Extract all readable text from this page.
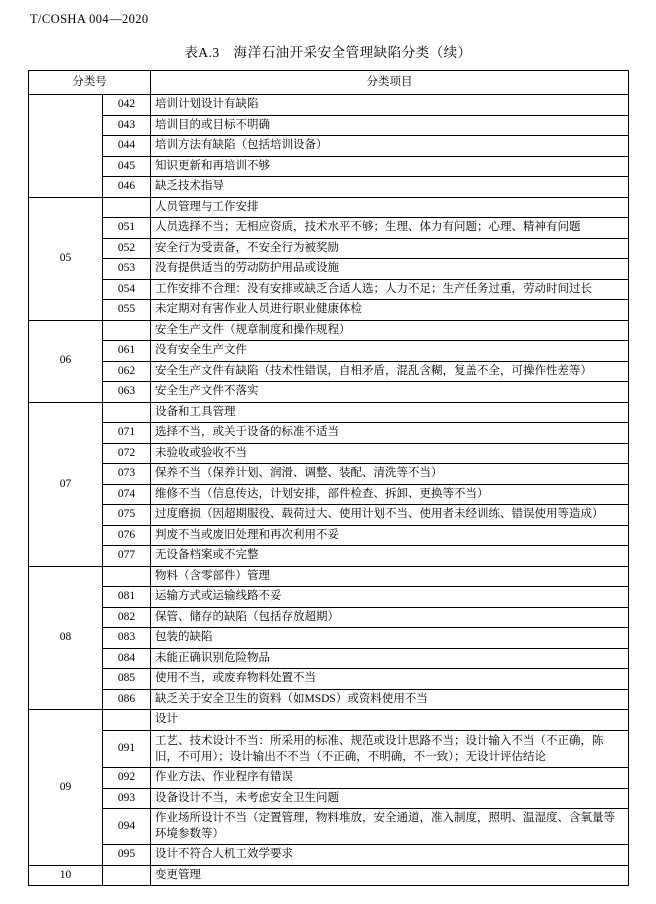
T/COSHA 004—2020
表A.3　海洋石油开采安全管理缺陷分类（续）
分类号		分类项目
	042	培训计划设计有缺陷
	043	培训目的或目标不明确
	044	培训方法有缺陷（包括培训设备）
	045	知识更新和再培训不够
	046	缺乏技术指导
05		人员管理与工作安排
	051	人员选择不当；无相应资质，技术水平不够；生理、体力有问题；心理、精神有问题
	052	安全行为受责备，不安全行为被奖励
	053	没有提供适当的劳动防护用品或设施
	054	工作安排不合理：没有安排或缺乏合适人选；人力不足；生产任务过重，劳动时间过长
	055	未定期对有害作业人员进行职业健康体检
06		安全生产文件（规章制度和操作规程）
	061	没有安全生产文件
	062	安全生产文件有缺陷（技术性错误，自相矛盾，混乱含糊，复盖不全，可操作性差等）
	063	安全生产文件不落实
07		设备和工具管理
	071	选择不当，或关于设备的标准不适当
	072	未验收或验收不当
	073	保养不当（保养计划、润滑、调整、装配、清洗等不当）
	074	维修不当（信息传达，计划安排，部件检查、拆卸、更换等不当）
	075	过度磨损（因超期服役、载荷过大、使用计划不当、使用者未经训练、错误使用等造成）
	076	判废不当或废旧处理和再次利用不妥
	077	无设备档案或不完整
08		物料（含零部件）管理
	081	运输方式或运输线路不妥
	082	保管、储存的缺陷（包括存放超期）
	083	包装的缺陷
	084	未能正确识别危险物品
	085	使用不当，或废弃物料处置不当
	086	缺乏关于安全卫生的资料（如MSDS）或资料使用不当
09		设计
	091	工艺、技术设计不当：所采用的标准、规范或设计思路不当；设计输入不当（不正确，陈旧，不可用）；设计输出不不当（不正确，不明确，不一致）；无设计评估结论
	092	作业方法、作业程序有错误
	093	设备设计不当，未考虑安全卫生问题
	094	作业场所设计不当（定置管理，物料堆放，安全通道，准入制度，照明、温湿度、含氧量等环境参数等）
	095	设计不符合人机工效学要求
10		变更管理
